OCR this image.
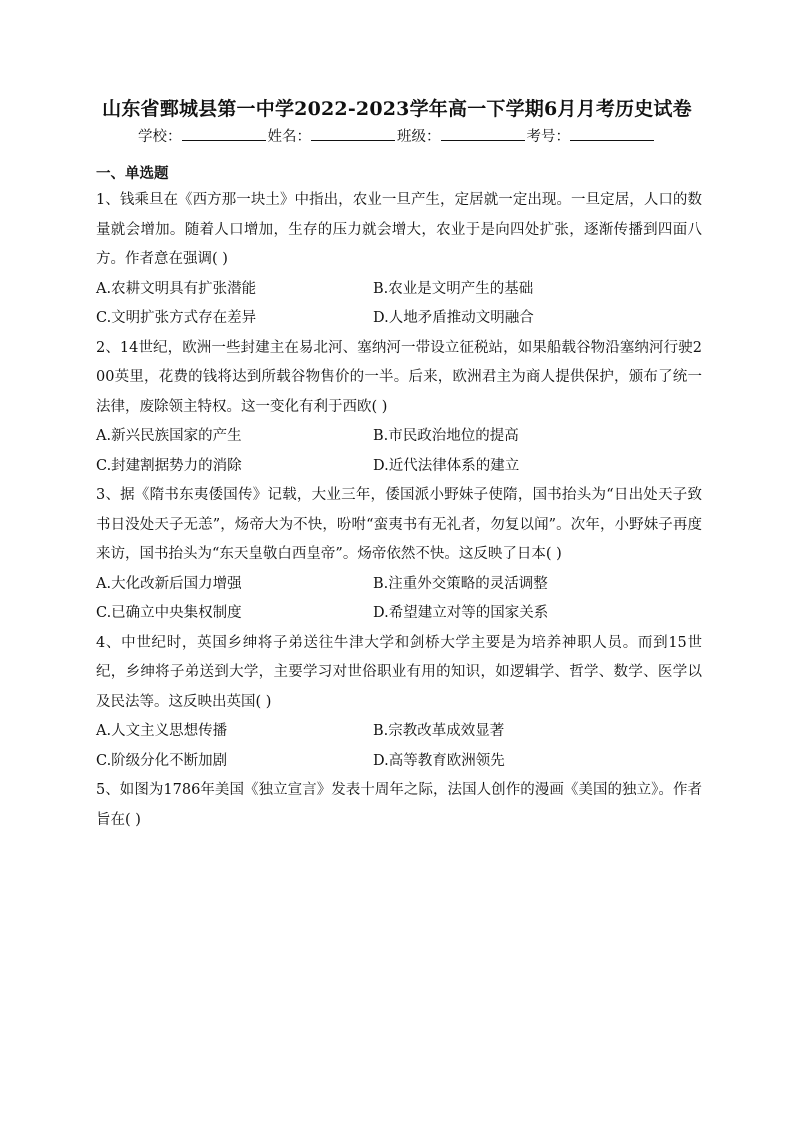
山东省鄄城县第一中学2022-2023学年高一下学期6月月考历史试卷
学校：	姓名：	班级：	考号：

一、单选题

1、钱乘旦在《西方那一块土》中指出，农业一旦产生，定居就一定出现。一旦定居，人口的数量就会增加。随着人口增加，生存的压力就会增大，农业于是向四处扩张，逐渐传播到四面八方。作者意在强调( )

A.农耕文明具有扩张潜能	B.农业是文明产生的基础
C.文明扩张方式存在差异	D.人地矛盾推动文明融合

2、14世纪，欧洲一些封建主在易北河、塞纳河一带设立征税站，如果船载谷物沿塞纳河行驶200英里，花费的钱将达到所载谷物售价的一半。后来，欧洲君主为商人提供保护，颁布了统一法律，废除领主特权。这一变化有利于西欧( )

A.新兴民族国家的产生	B.市民政治地位的提高
C.封建割据势力的消除	D.近代法律体系的建立

3、据《隋书东夷倭国传》记载，大业三年，倭国派小野妹子使隋，国书抬头为“日出处天子致书日没处天子无恙”，炀帝大为不快，吩咐“蛮夷书有无礼者，勿复以闻”。次年，小野妹子再度来访，国书抬头为“东天皇敬白西皇帝”。炀帝依然不快。这反映了日本( )

A.大化改新后国力增强	B.注重外交策略的灵活调整
C.已确立中央集权制度	D.希望建立对等的国家关系

4、中世纪时，英国乡绅将子弟送往牛津大学和剑桥大学主要是为培养神职人员。而到15世纪，乡绅将子弟送到大学，主要学习对世俗职业有用的知识，如逻辑学、哲学、数学、医学以及民法等。这反映出英国( )

A.人文主义思想传播	B.宗教改革成效显著
C.阶级分化不断加剧	D.高等教育欧洲领先

5、如图为1786年美国《独立宣言》发表十周年之际，法国人创作的漫画《美国的独立》。作者旨在( )
